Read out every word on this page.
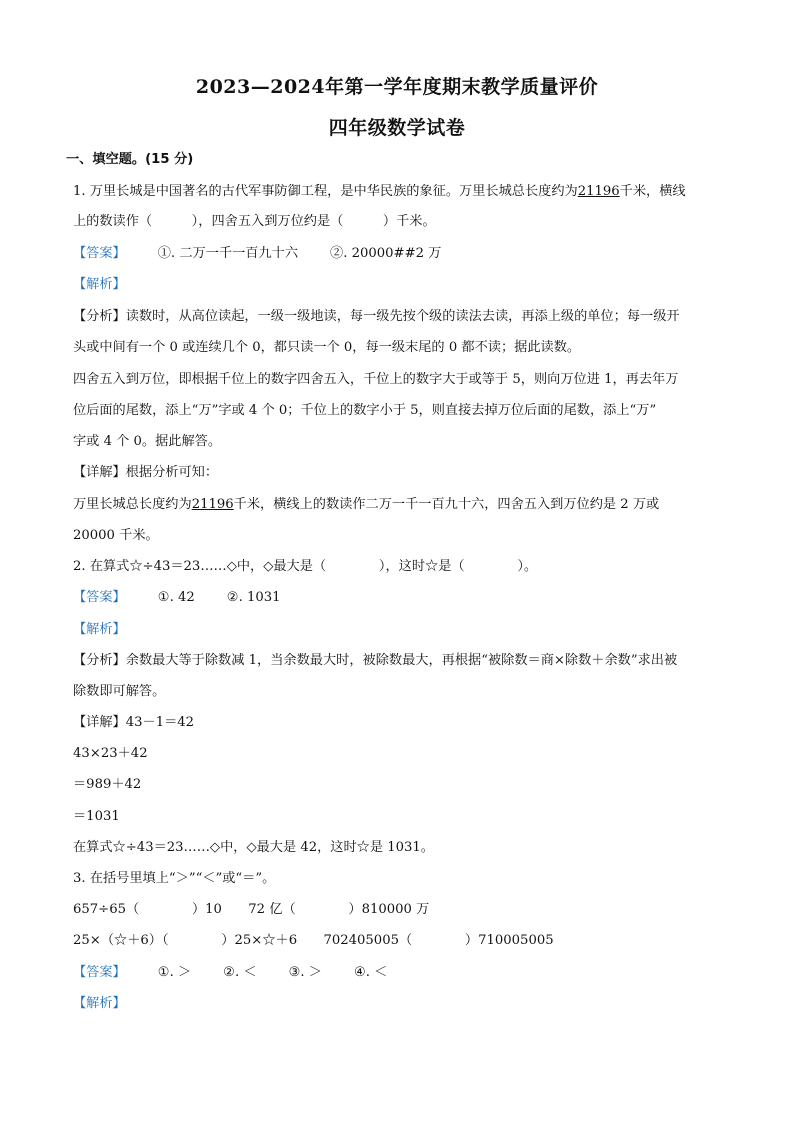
2023—2024年第一学年度期末教学质量评价
四年级数学试卷
一、填空题。(15 分)
1. 万里长城是中国著名的古代军事防御工程，是中华民族的象征。万里长城总长度约为21196千米，横线
上的数读作（　　　），四舍五入到万位约是（　　　）千米。
【答案】 ①. 二万一千一百九十六 ②. 20000##2 万
【解析】
【分析】读数时，从高位读起，一级一级地读，每一级先按个级的读法去读，再添上级的单位；每一级开
头或中间有一个 0 或连续几个 0，都只读一个 0，每一级末尾的 0 都不读；据此读数。
四舍五入到万位，即根据千位上的数字四舍五入，千位上的数字大于或等于 5，则向万位进 1，再去年万
位后面的尾数，添上“万”字或 4 个 0；千位上的数字小于 5，则直接去掉万位后面的尾数，添上“万”
字或 4 个 0。据此解答。
【详解】根据分析可知：
万里长城总长度约为21196千米，横线上的数读作二万一千一百九十六，四舍五入到万位约是 2 万或
20000 千米。
2. 在算式☆÷43＝23……◇中，◇最大是（　　　　），这时☆是（　　　　）。
【答案】 ①. 42 ②. 1031
【解析】
【分析】余数最大等于除数减 1，当余数最大时，被除数最大，再根据“被除数＝商×除数＋余数”求出被
除数即可解答。
【详解】43－1＝42
43×23＋42
＝989＋42
＝1031
在算式☆÷43＝23……◇中，◇最大是 42，这时☆是 1031。
3. 在括号里填上“＞”“＜”或“＝”。
657÷65（　　　　）10　　72 亿（　　　　）810000 万
25×（☆＋6）（　　　　）25×☆＋6　　702405005（　　　　）710005005
【答案】 ①. ＞ ②. ＜ ③. ＞ ④. ＜
【解析】
